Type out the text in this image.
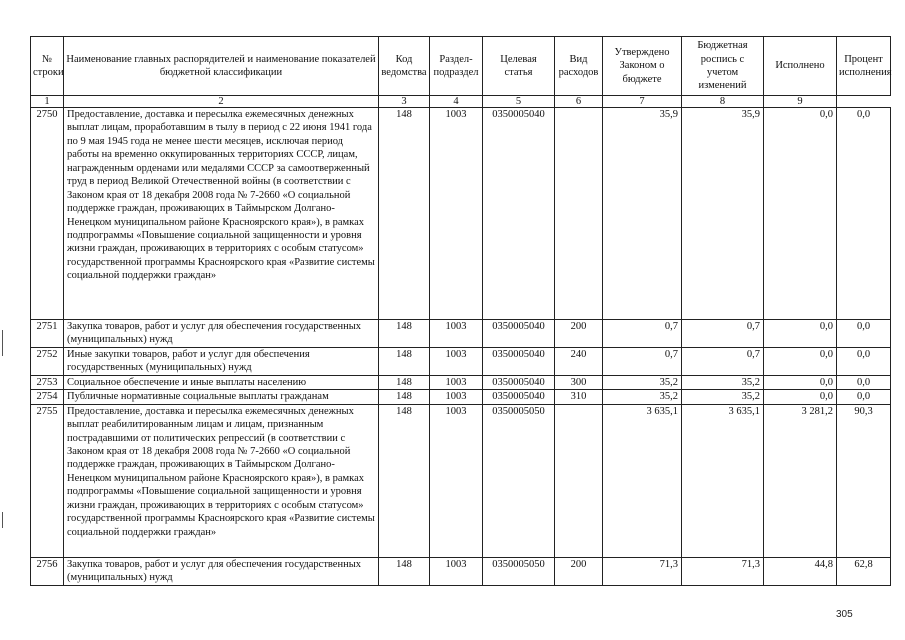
№ строки	Наименование главных распорядителей и наименование показателей бюджетной классификации	Код ведомства	Раздел-подраздел	Целевая статья	Вид расходов	Утверждено Законом о бюджете	Бюджетная роспись с учетом изменений	Исполнено	Процент исполнения
1	2	3	4	5	6	7	8	9
2750	Предоставление, доставка и пересылка ежемесячных денежных выплат лицам, проработавшим в тылу в период с 22 июня 1941 года по 9 мая 1945 года не менее шести месяцев, исключая период работы на временно оккупированных территориях СССР, лицам, награжденным орденами или медалями СССР за самоотверженный труд в период Великой Отечественной войны (в соответствии с Законом края от 18 декабря 2008 года № 7-2660 «О социальной поддержке граждан, проживающих в Таймырском Долгано-Ненецком муниципальном районе Красноярского края»), в рамках подпрограммы «Повышение социальной защищенности и уровня жизни граждан, проживающих в территориях с особым статусом» государственной программы Красноярского края «Развитие системы социальной поддержки граждан»	148	1003	0350005040		35,9	35,9	0,0	0,0
2751	Закупка товаров, работ и услуг для обеспечения государственных (муниципальных) нужд	148	1003	0350005040	200	0,7	0,7	0,0	0,0
2752	Иные закупки товаров, работ и услуг для обеспечения государственных (муниципальных) нужд	148	1003	0350005040	240	0,7	0,7	0,0	0,0
2753	Социальное обеспечение и иные выплаты населению	148	1003	0350005040	300	35,2	35,2	0,0	0,0
2754	Публичные нормативные социальные выплаты гражданам	148	1003	0350005040	310	35,2	35,2	0,0	0,0
2755	Предоставление, доставка и пересылка ежемесячных денежных выплат реабилитированным лицам и лицам, признанным пострадавшими от политических репрессий (в соответствии с Законом края от 18 декабря 2008 года № 7-2660 «О социальной поддержке граждан, проживающих в Таймырском Долгано-Ненецком муниципальном районе Красноярского края»), в рамках подпрограммы «Повышение социальной защищенности и уровня жизни граждан, проживающих в территориях с особым статусом» государственной программы Красноярского края «Развитие системы социальной поддержки граждан»	148	1003	0350005050		3 635,1	3 635,1	3 281,2	90,3
2756	Закупка товаров, работ и услуг для обеспечения государственных (муниципальных) нужд	148	1003	0350005050	200	71,3	71,3	44,8	62,8
305
